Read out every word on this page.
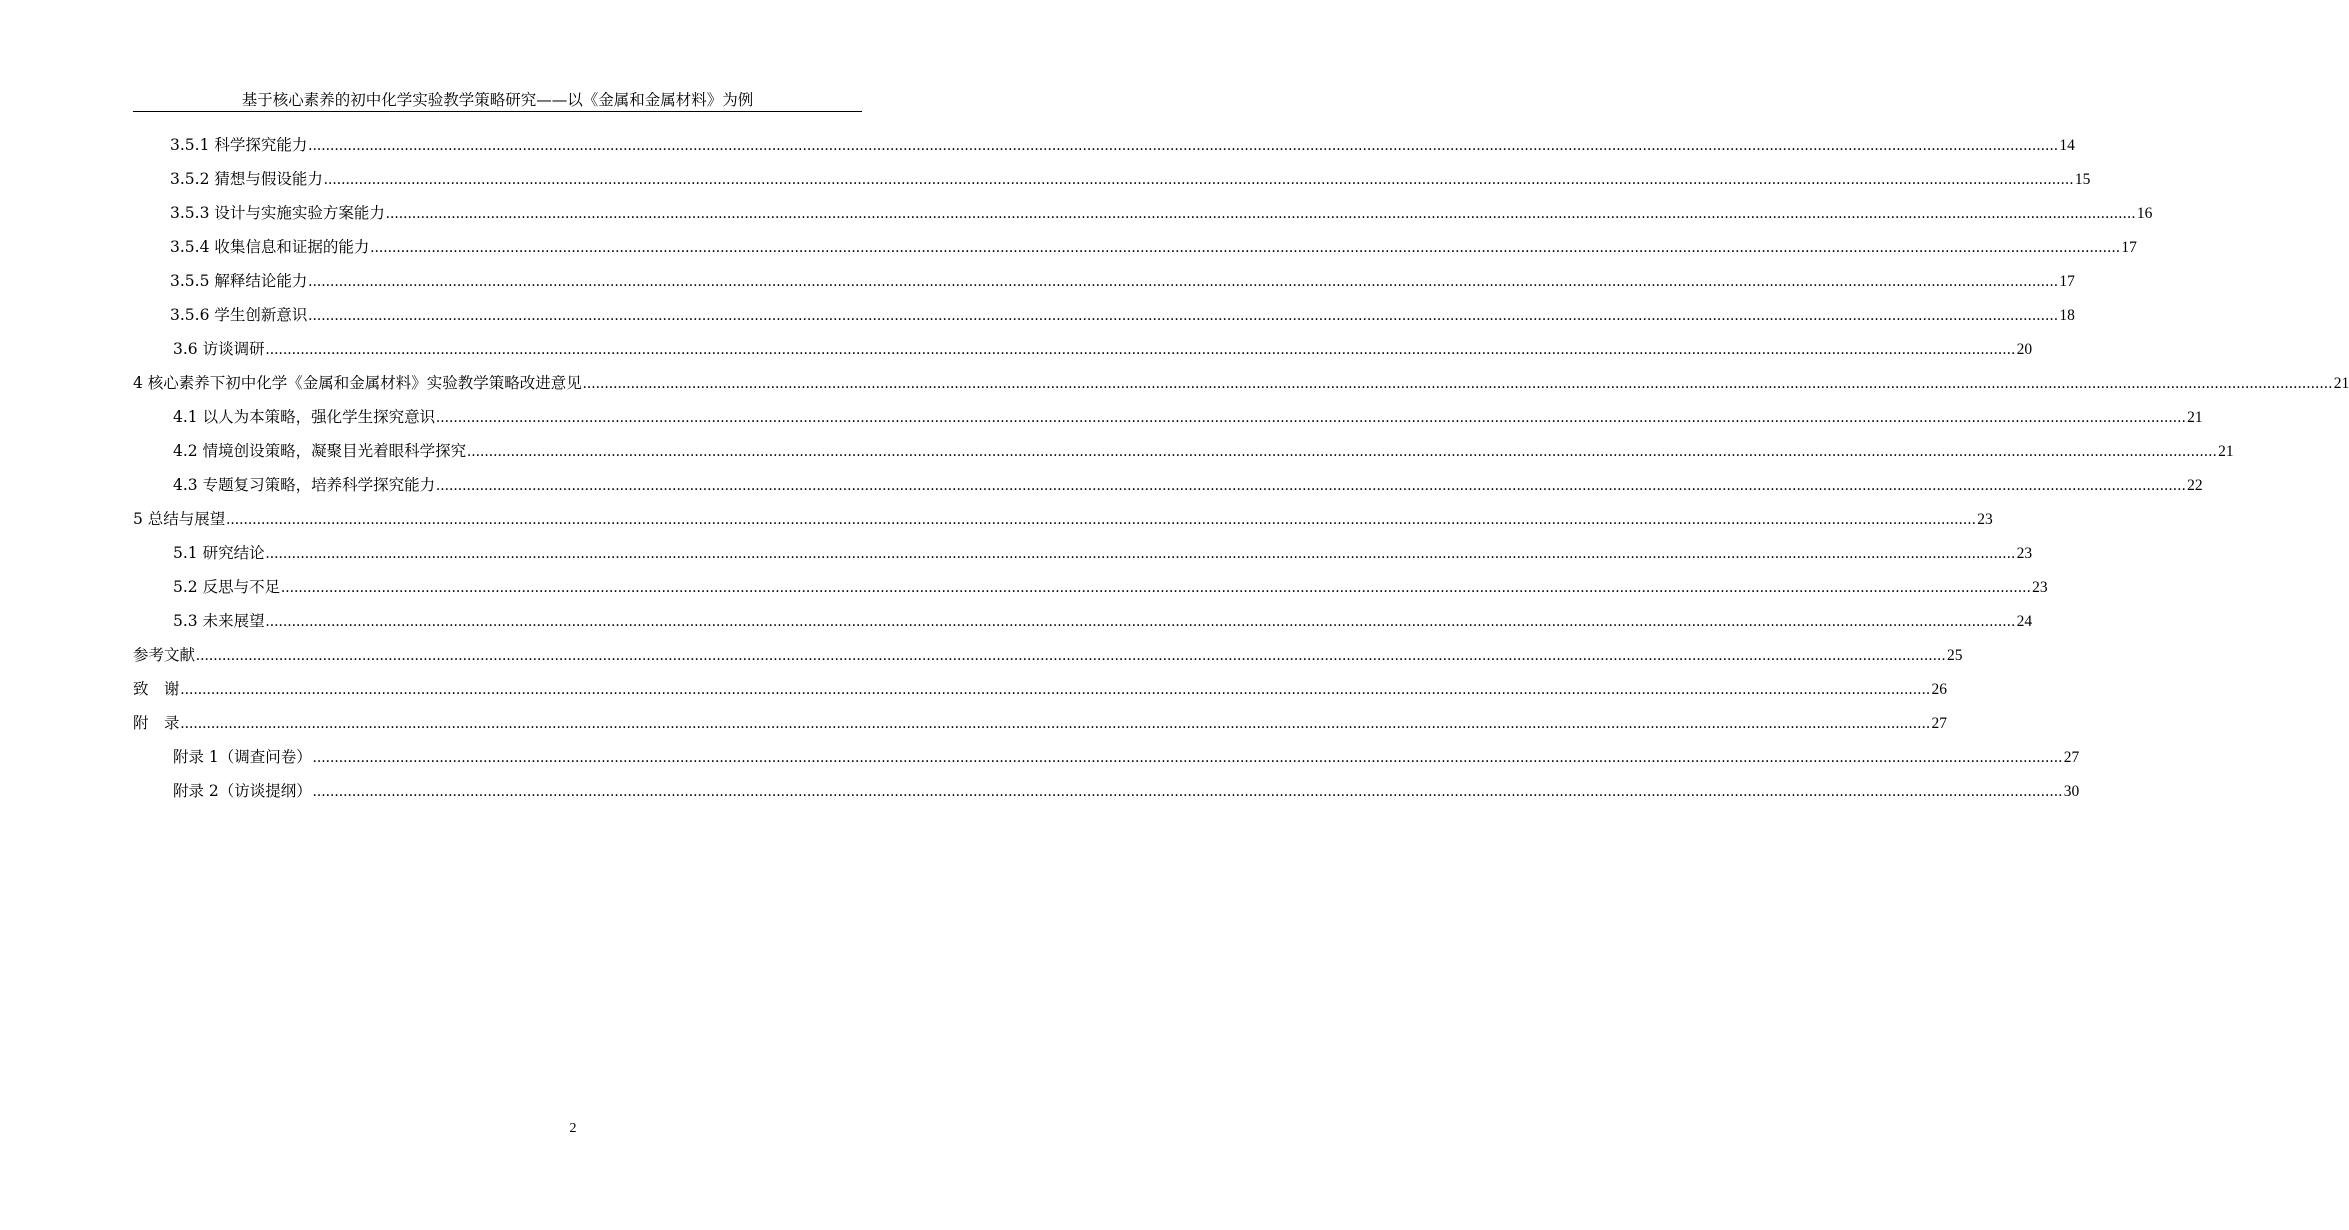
基于核心素养的初中化学实验教学策略研究——以《金属和金属材料》为例
3.5.1 科学探究能力 ................................................................................................................................................................................................................................................................................................................................................................................................................ 14
3.5.2 猜想与假设能力 ................................................................................................................................................................................................................................................................................................................................................................................................................ 15
3.5.3 设计与实施实验方案能力 ................................................................................................................................................................................................................................................................................................................................................................................................................ 16
3.5.4 收集信息和证据的能力 ................................................................................................................................................................................................................................................................................................................................................................................................................ 17
3.5.5 解释结论能力 ................................................................................................................................................................................................................................................................................................................................................................................................................ 17
3.5.6 学生创新意识 ................................................................................................................................................................................................................................................................................................................................................................................................................ 18
3.6 访谈调研 ................................................................................................................................................................................................................................................................................................................................................................................................................ 20
4 核心素养下初中化学《金属和金属材料》实验教学策略改进意见 ................................................................................................................................................................................................................................................................................................................................................................................................................ 21
4.1 以人为本策略，强化学生探究意识 ................................................................................................................................................................................................................................................................................................................................................................................................................ 21
4.2 情境创设策略，凝聚目光着眼科学探究 ................................................................................................................................................................................................................................................................................................................................................................................................................ 21
4.3 专题复习策略，培养科学探究能力 ................................................................................................................................................................................................................................................................................................................................................................................................................ 22
5 总结与展望 ................................................................................................................................................................................................................................................................................................................................................................................................................ 23
5.1 研究结论 ................................................................................................................................................................................................................................................................................................................................................................................................................ 23
5.2 反思与不足 ................................................................................................................................................................................................................................................................................................................................................................................................................ 23
5.3 未来展望 ................................................................................................................................................................................................................................................................................................................................................................................................................ 24
参考文献 ................................................................................................................................................................................................................................................................................................................................................................................................................ 25
致　谢 ................................................................................................................................................................................................................................................................................................................................................................................................................ 26
附　录 ................................................................................................................................................................................................................................................................................................................................................................................................................ 27
附录 1（调查问卷） ................................................................................................................................................................................................................................................................................................................................................................................................................ 27
附录 2（访谈提纲） ................................................................................................................................................................................................................................................................................................................................................................................................................ 30
2
